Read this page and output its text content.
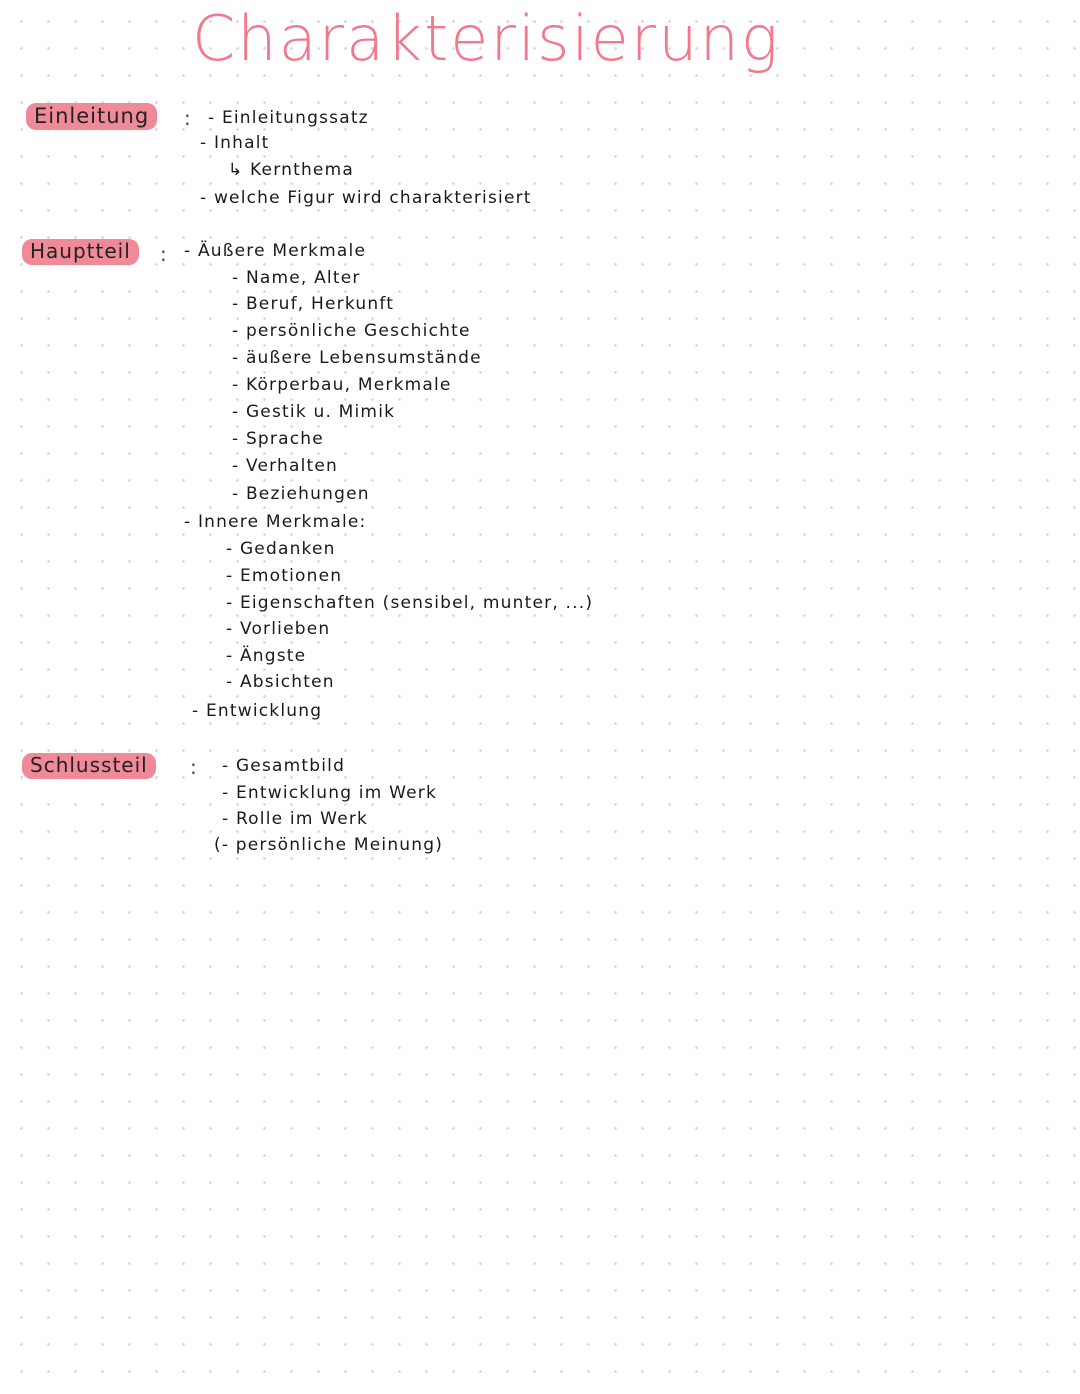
Charakterisierung
Einleitung	: - Einleitungssatz
- Inhalt
↳ Kernthema
- welche Figur wird charakterisiert
Hauptteil	: - Äußere Merkmale
- Name, Alter
- Beruf, Herkunft
- persönliche Geschichte
- äußere Lebensumstände
- Körperbau, Merkmale
- Gestik u. Mimik
- Sprache
- Verhalten
- Beziehungen
- Innere Merkmale:
- Gedanken
- Emotionen
- Eigenschaften (sensibel, munter, ...)
- Vorlieben
- Ängste
- Absichten
- Entwicklung
Schlussteil	: - Gesamtbild
- Entwicklung im Werk
- Rolle im Werk
(- persönliche Meinung)
